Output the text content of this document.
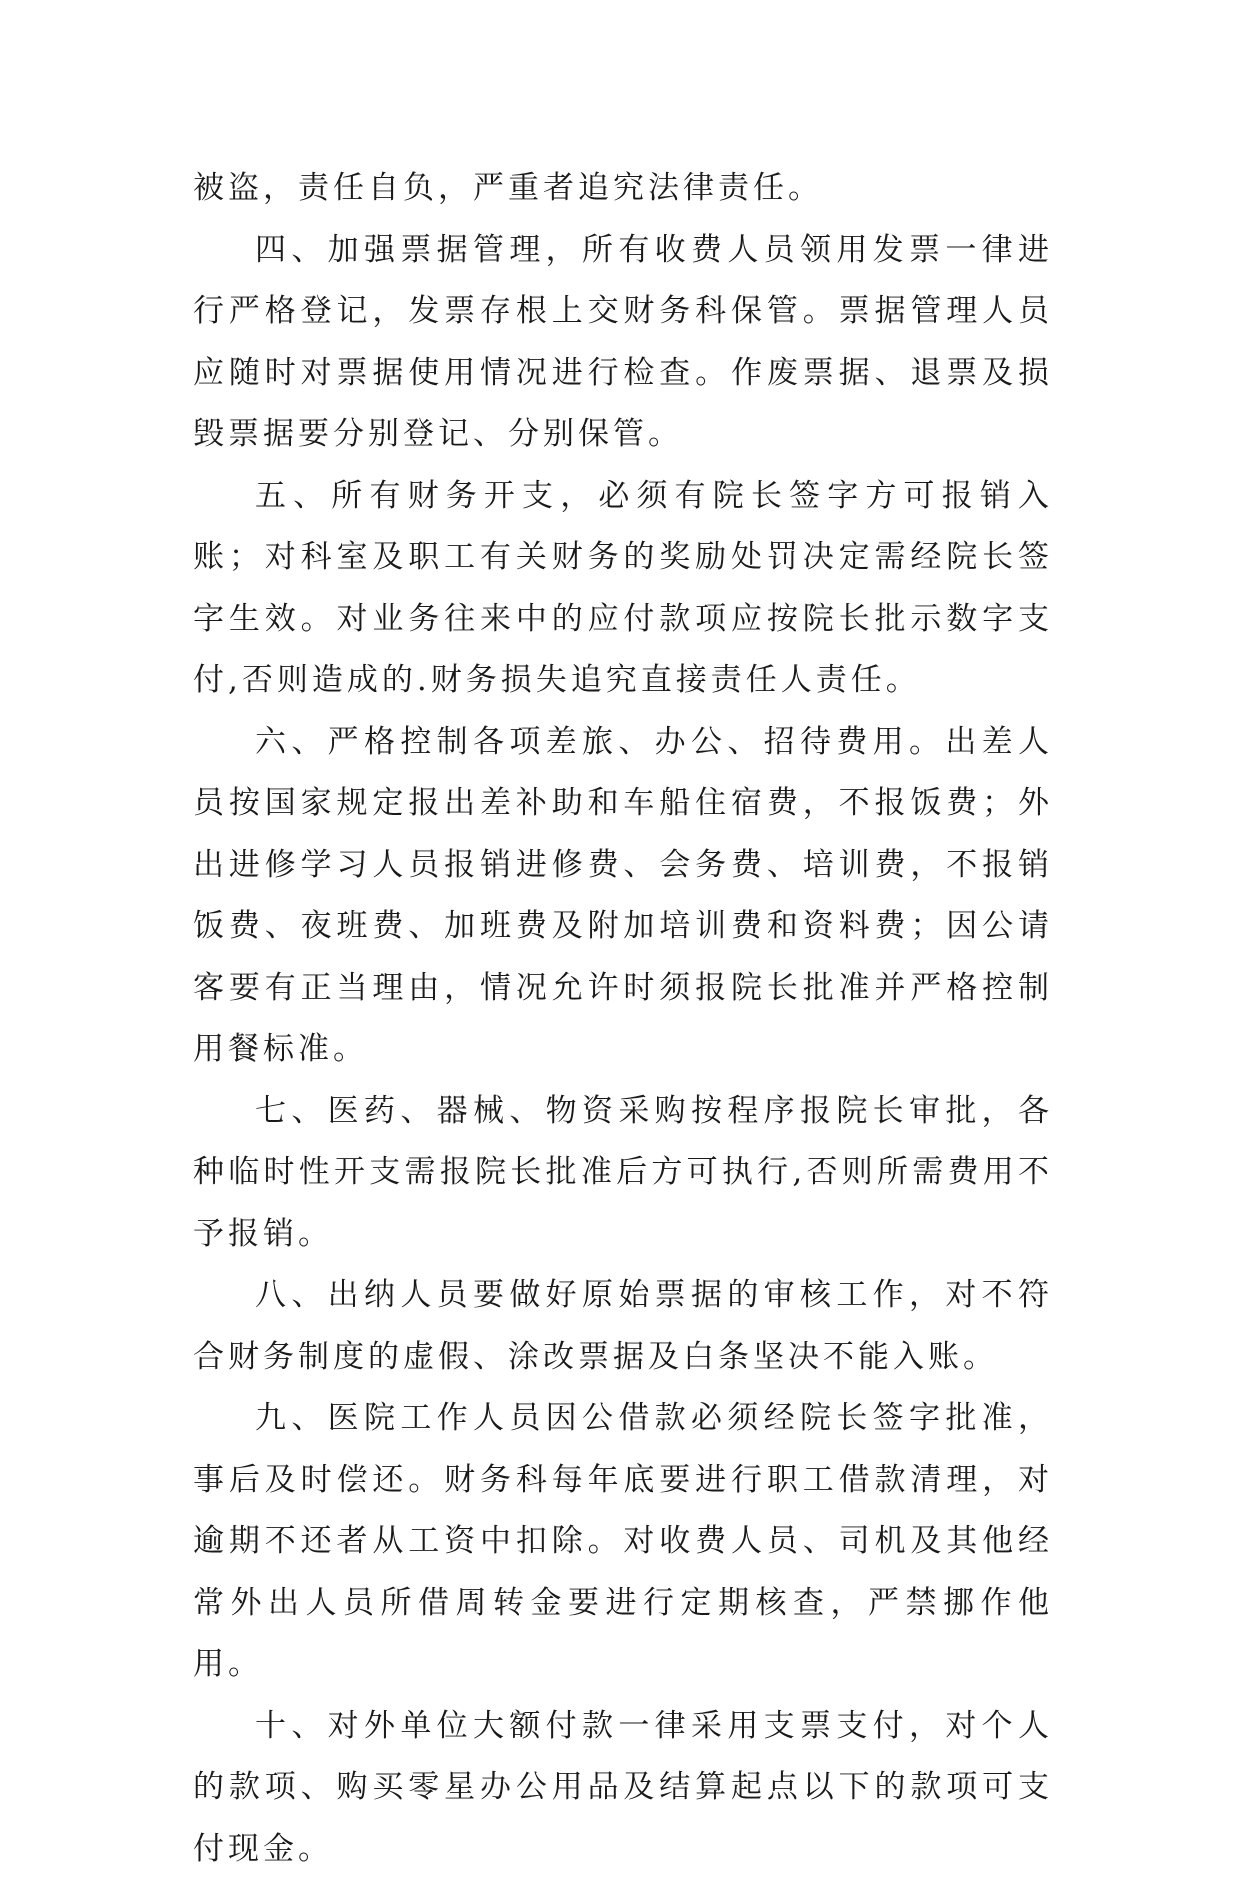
被盗，责任自负，严重者追究法律责任。

四、加强票据管理，所有收费人员领用发票一律进行严格登记，发票存根上交财务科保管。票据管理人员应随时对票据使用情况进行检查。作废票据、退票及损毁票据要分别登记、分别保管。

五、所有财务开支，必须有院长签字方可报销入账；对科室及职工有关财务的奖励处罚决定需经院长签字生效。对业务往来中的应付款项应按院长批示数字支付,否则造成的.财务损失追究直接责任人责任。

六、严格控制各项差旅、办公、招待费用。出差人员按国家规定报出差补助和车船住宿费，不报饭费；外出进修学习人员报销进修费、会务费、培训费，不报销饭费、夜班费、加班费及附加培训费和资料费；因公请客要有正当理由，情况允许时须报院长批准并严格控制用餐标准。

七、医药、器械、物资采购按程序报院长审批，各种临时性开支需报院长批准后方可执行,否则所需费用不予报销。

八、出纳人员要做好原始票据的审核工作，对不符合财务制度的虚假、涂改票据及白条坚决不能入账。

九、医院工作人员因公借款必须经院长签字批准，事后及时偿还。财务科每年底要进行职工借款清理，对逾期不还者从工资中扣除。对收费人员、司机及其他经常外出人员所借周转金要进行定期核查，严禁挪作他用。

十、对外单位大额付款一律采用支票支付，对个人的款项、购买零星办公用品及结算起点以下的款项可支付现金。
